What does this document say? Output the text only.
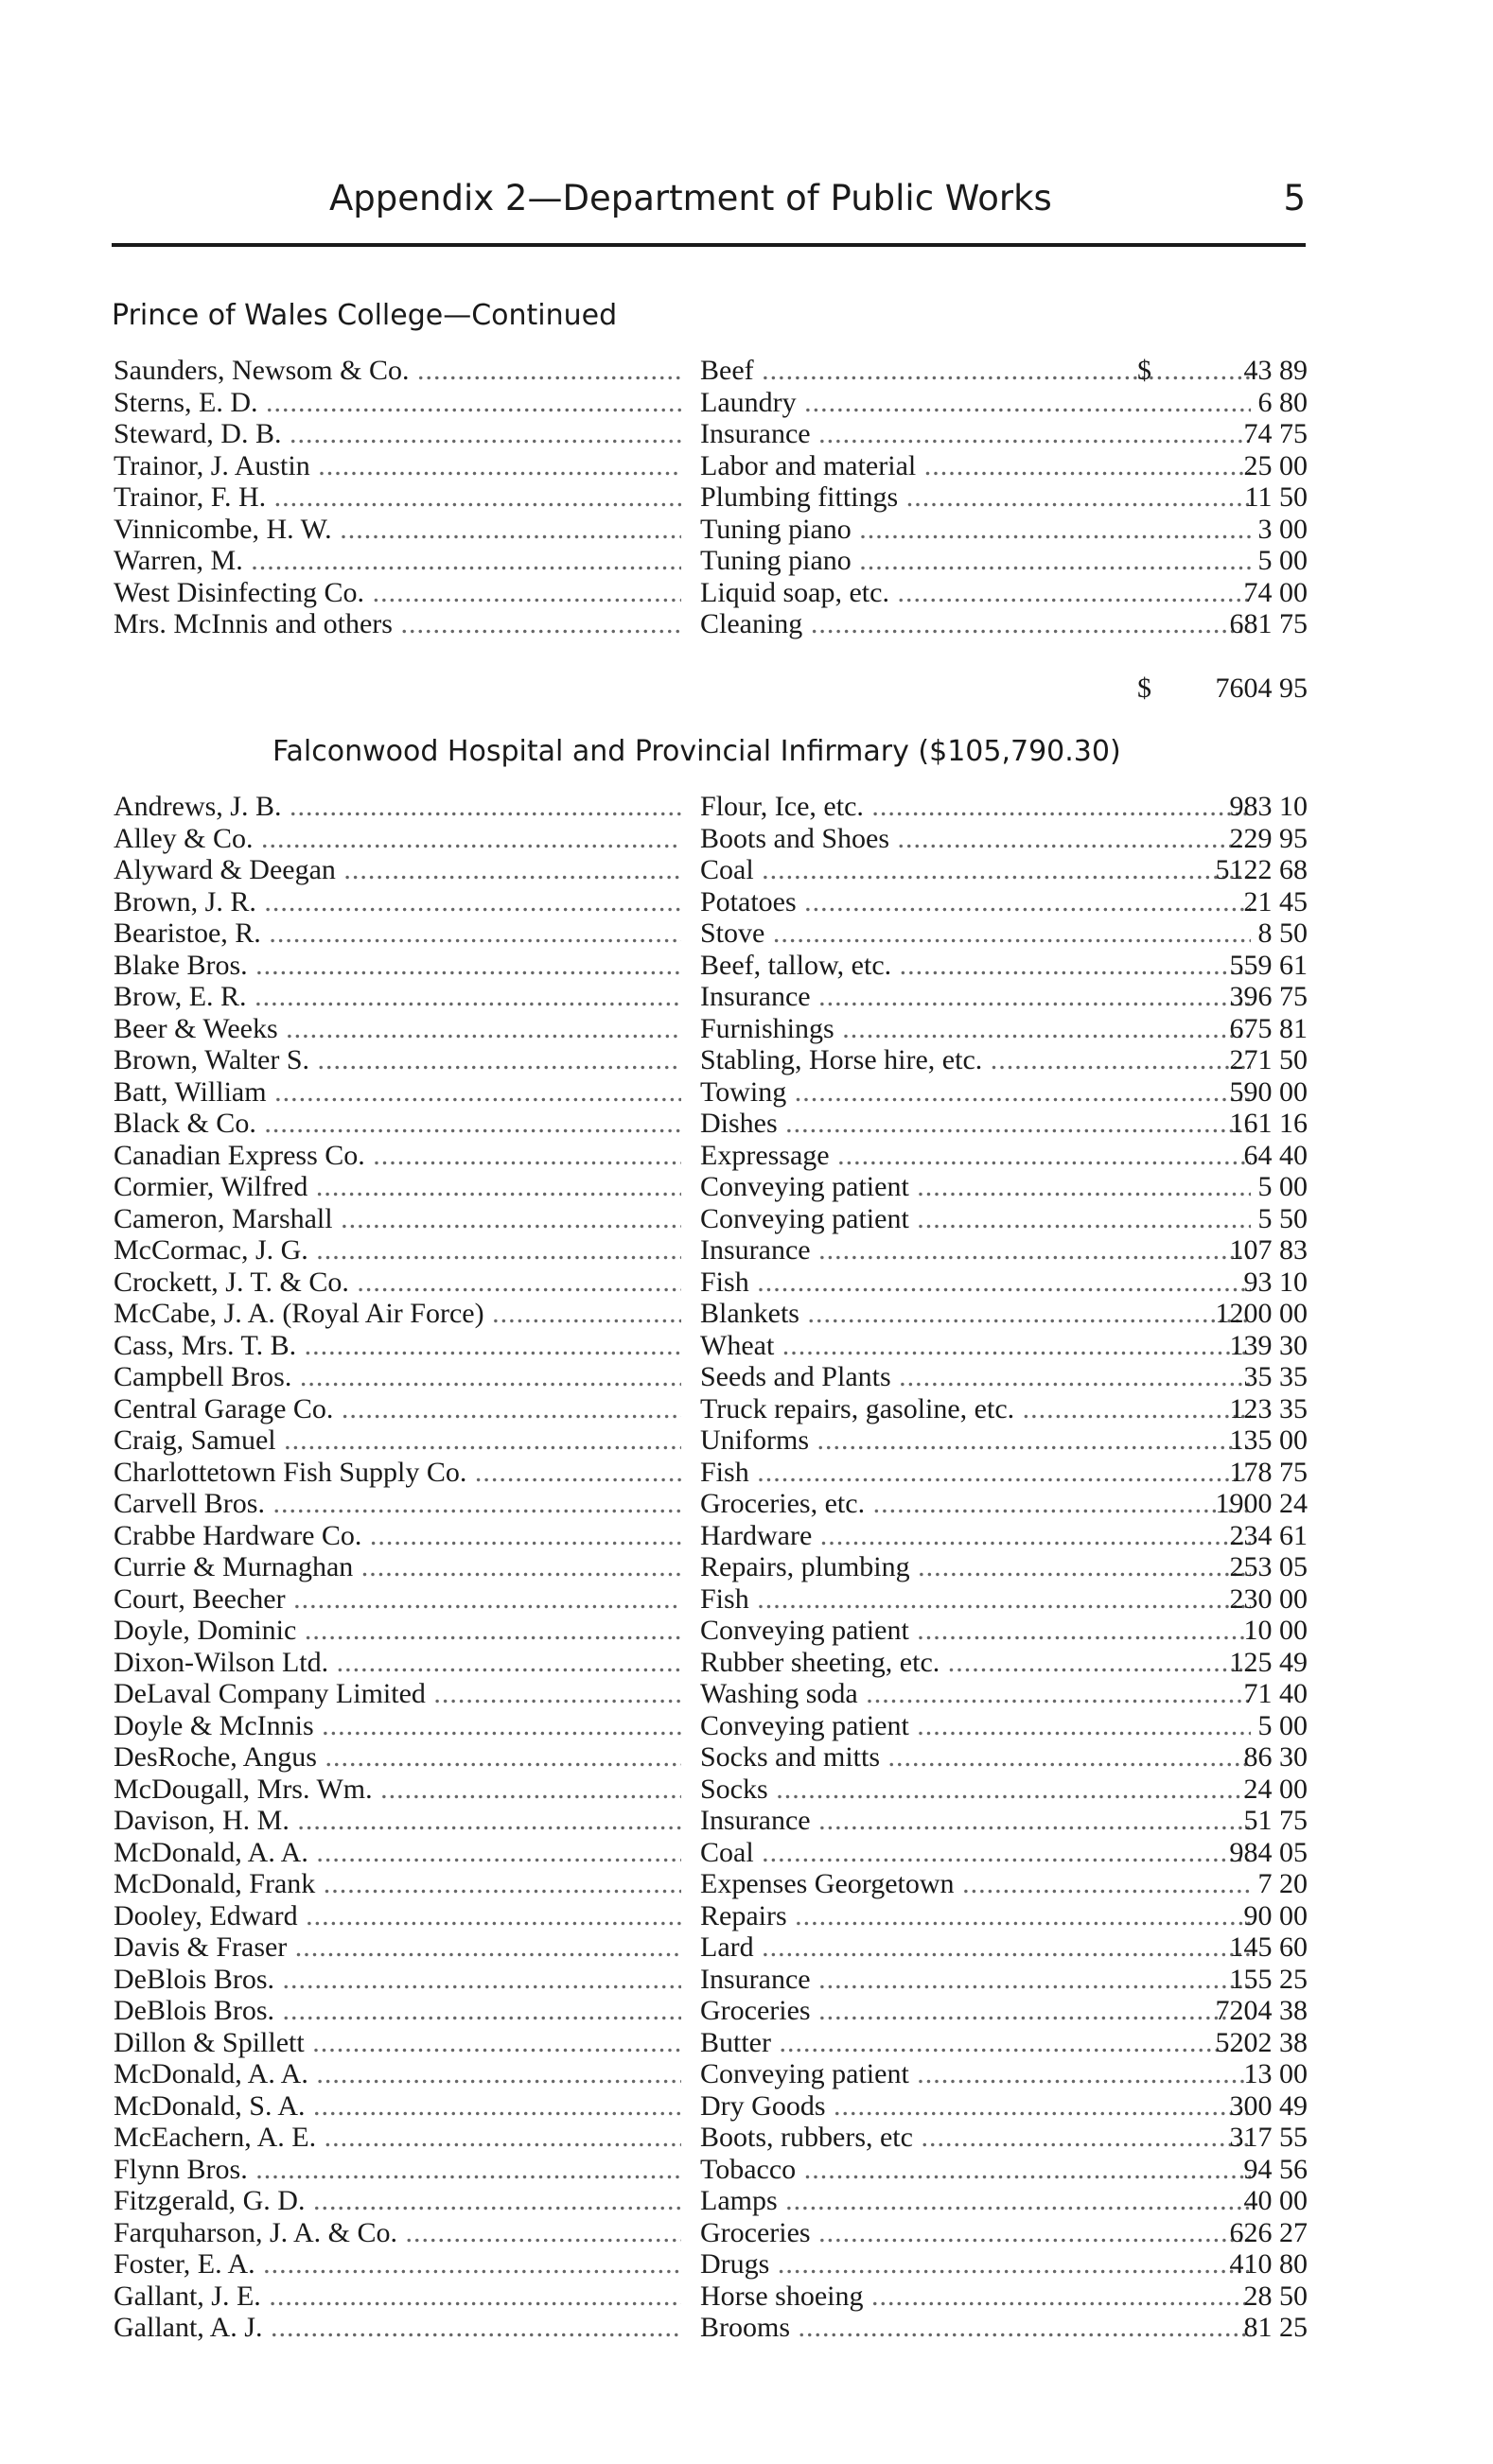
Appendix 2—Department of Public Works	5
Prince of Wales College—Continued
Saunders, Newsom & Co. .....	Beef .....	$	43 89
Sterns, E. D. .....	Laundry .....	6 80
Steward, D. B. .....	Insurance .....	74 75
Trainor, J. Austin .....	Labor and material .....	25 00
Trainor, F. H. .....	Plumbing fittings .....	11 50
Vinnicombe, H. W. .....	Tuning piano .....	3 00
Warren, M. .....	Tuning piano .....	5 00
West Disinfecting Co. .....	Liquid soap, etc. .....	74 00
Mrs. McInnis and others .....	Cleaning .....	681 75
$	7604 95
Falconwood Hospital and Provincial Infirmary ($105,790.30)
Andrews, J. B. .....	Flour, Ice, etc. .....	983 10
Alley & Co. .....	Boots and Shoes .....	229 95
Alyward & Deegan .....	Coal .....	5122 68
Brown, J. R. .....	Potatoes .....	21 45
Bearistoe, R. .....	Stove .....	8 50
Blake Bros. .....	Beef, tallow, etc. .....	559 61
Brow, E. R. .....	Insurance .....	396 75
Beer & Weeks .....	Furnishings .....	675 81
Brown, Walter S. .....	Stabling, Horse hire, etc. .....	271 50
Batt, William .....	Towing .....	590 00
Black & Co. .....	Dishes .....	161 16
Canadian Express Co. .....	Expressage .....	64 40
Cormier, Wilfred .....	Conveying patient .....	5 00
Cameron, Marshall .....	Conveying patient .....	5 50
McCormac, J. G. .....	Insurance .....	107 83
Crockett, J. T. & Co. .....	Fish .....	93 10
McCabe, J. A. (Royal Air Force) .....	Blankets .....	1200 00
Cass, Mrs. T. B. .....	Wheat .....	139 30
Campbell Bros. .....	Seeds and Plants .....	35 35
Central Garage Co. .....	Truck repairs, gasoline, etc. .....	123 35
Craig, Samuel .....	Uniforms .....	135 00
Charlottetown Fish Supply Co. .....	Fish .....	178 75
Carvell Bros. .....	Groceries, etc. .....	1900 24
Crabbe Hardware Co. .....	Hardware .....	234 61
Currie & Murnaghan .....	Repairs, plumbing .....	253 05
Court, Beecher .....	Fish .....	230 00
Doyle, Dominic .....	Conveying patient .....	10 00
Dixon-Wilson Ltd. .....	Rubber sheeting, etc. .....	125 49
DeLaval Company Limited .....	Washing soda .....	71 40
Doyle & McInnis .....	Conveying patient .....	5 00
DesRoche, Angus .....	Socks and mitts .....	86 30
McDougall, Mrs. Wm. .....	Socks .....	24 00
Davison, H. M. .....	Insurance .....	51 75
McDonald, A. A. .....	Coal .....	984 05
McDonald, Frank .....	Expenses Georgetown .....	7 20
Dooley, Edward .....	Repairs .....	90 00
Davis & Fraser .....	Lard .....	145 60
DeBlois Bros. .....	Insurance .....	155 25
DeBlois Bros. .....	Groceries .....	7204 38
Dillon & Spillett .....	Butter .....	5202 38
McDonald, A. A. .....	Conveying patient .....	13 00
McDonald, S. A. .....	Dry Goods .....	300 49
McEachern, A. E. .....	Boots, rubbers, etc .....	317 55
Flynn Bros. .....	Tobacco .....	94 56
Fitzgerald, G. D. .....	Lamps .....	40 00
Farquharson, J. A. & Co. .....	Groceries .....	626 27
Foster, E. A. .....	Drugs .....	410 80
Gallant, J. E. .....	Horse shoeing .....	28 50
Gallant, A. J. .....	Brooms .....	81 25
